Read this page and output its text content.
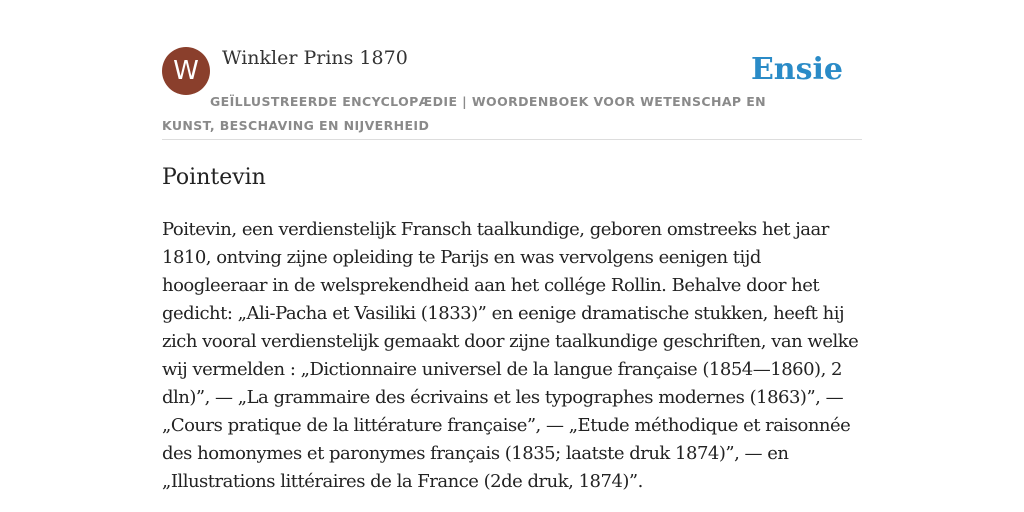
W	Winkler Prins 1870	Ensie
GEÏLLUSTREERDE ENCYCLOPÆDIE | WOORDENBOEK VOOR WETENSCHAP EN KUNST, BESCHAVING EN NIJVERHEID
Pointevin

Poitevin, een verdienstelijk Fransch taalkundige, geboren omstreeks het jaar 1810, ontving zijne opleiding te Parijs en was vervolgens eenigen tijd hoogleeraar in de welsprekendheid aan het collége Rollin. Behalve door het gedicht: „Ali-Pacha et Vasiliki (1833)” en eenige dramatische stukken, heeft hij zich vooral verdienstelijk gemaakt door zijne taalkundige geschriften, van welke wij vermelden : „Dictionnaire universel de la langue française (1854—1860), 2 dln)”, — „La grammaire des écrivains et les typographes modernes (1863)”, — „Cours pratique de la littérature française”, — „Etude méthodique et raisonnée des homonymes et paronymes français (1835; laatste druk 1874)”, — en „Illustrations littéraires de la France (2de druk, 1874)”.
